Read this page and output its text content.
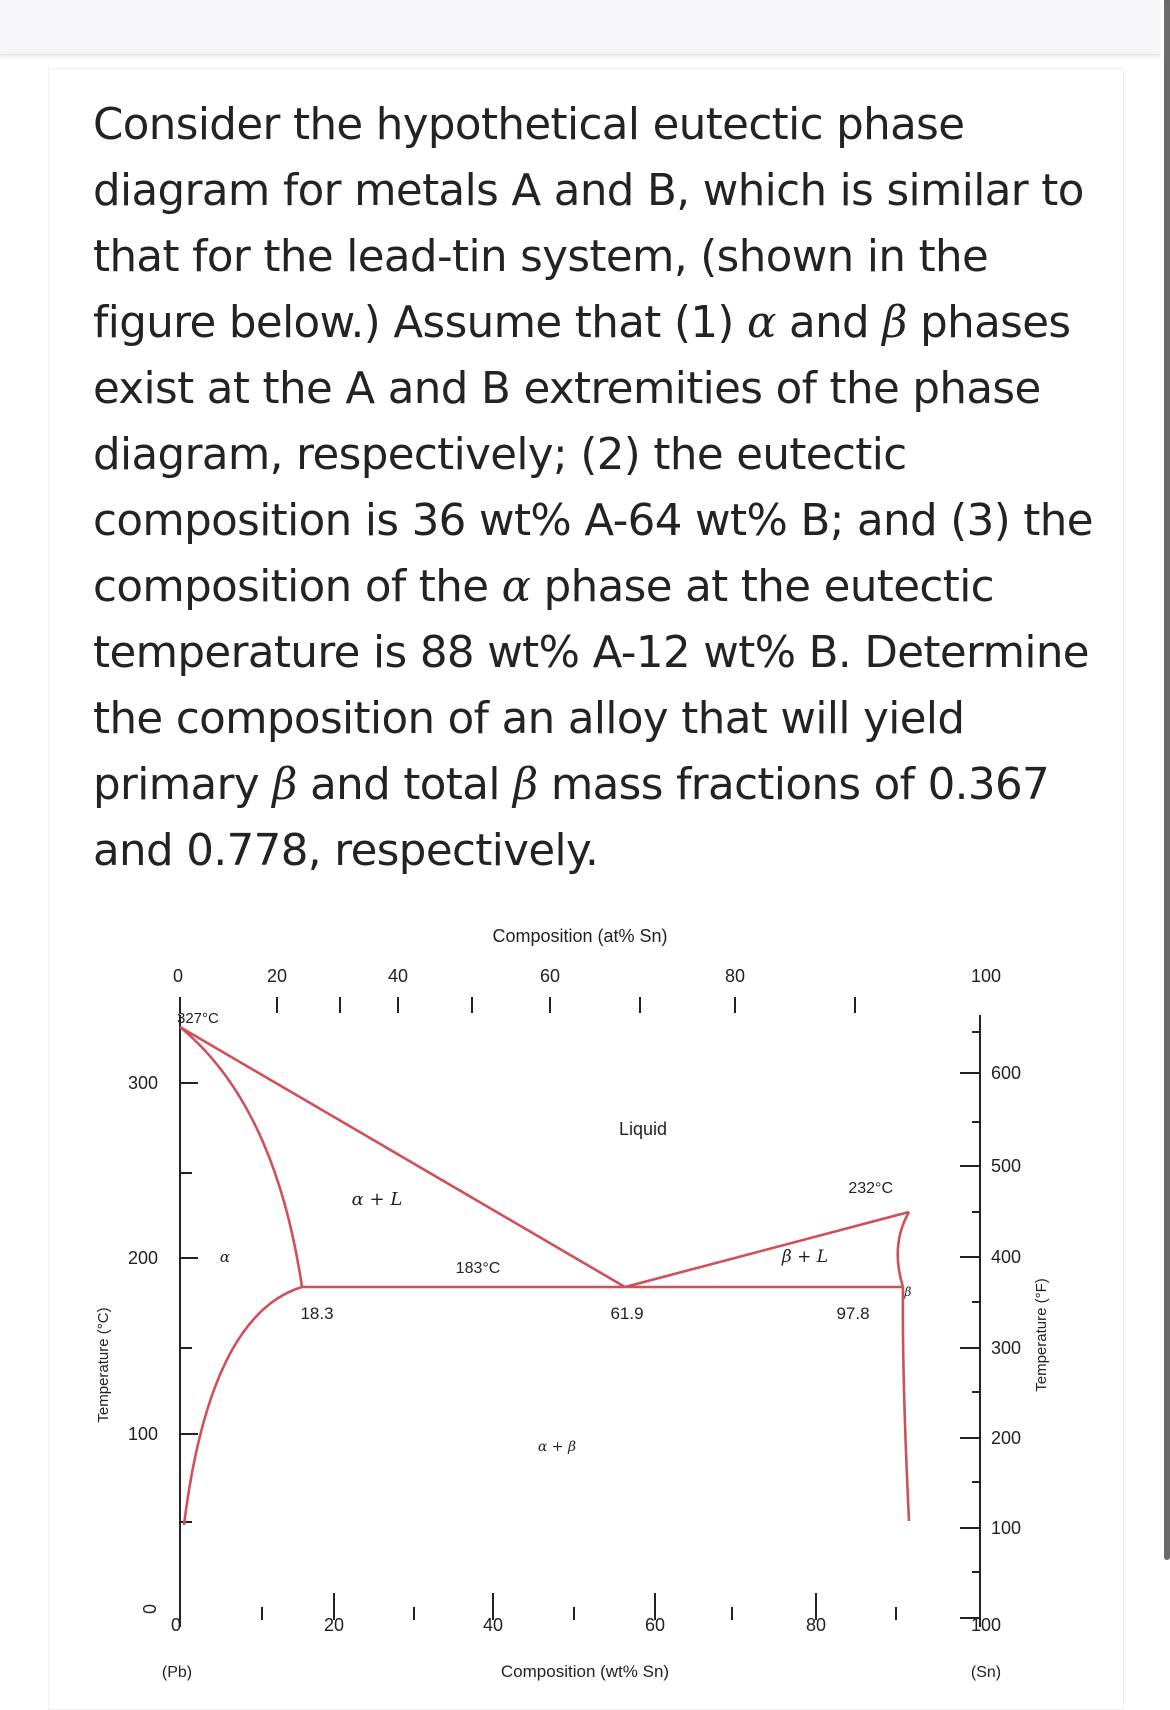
Consider the hypothetical eutectic phase diagram for metals A and B, which is similar to that for the lead-tin system, (shown in the figure below.) Assume that (1) α and β phases exist at the A and B extremities of the phase diagram, respectively; (2) the eutectic composition is 36 wt% A-64 wt% B; and (3) the composition of the α phase at the eutectic temperature is 88 wt% A-12 wt% B. Determine the composition of an alloy that will yield primary β and total β mass fractions of 0.367 and 0.778, respectively.
Composition (at% Sn)
0	20	40	60	80	100
300
200
100
0
Temperature (°C)
600
500
400
300
200
100
Temperature (°F)
0	20	40	60	80	100
(Pb)	(Sn)
Composition (wt% Sn)
327°C
232°C
183°C
18.3	61.9	97.8
Liquid
α + L
β + L
α
β
α + β
